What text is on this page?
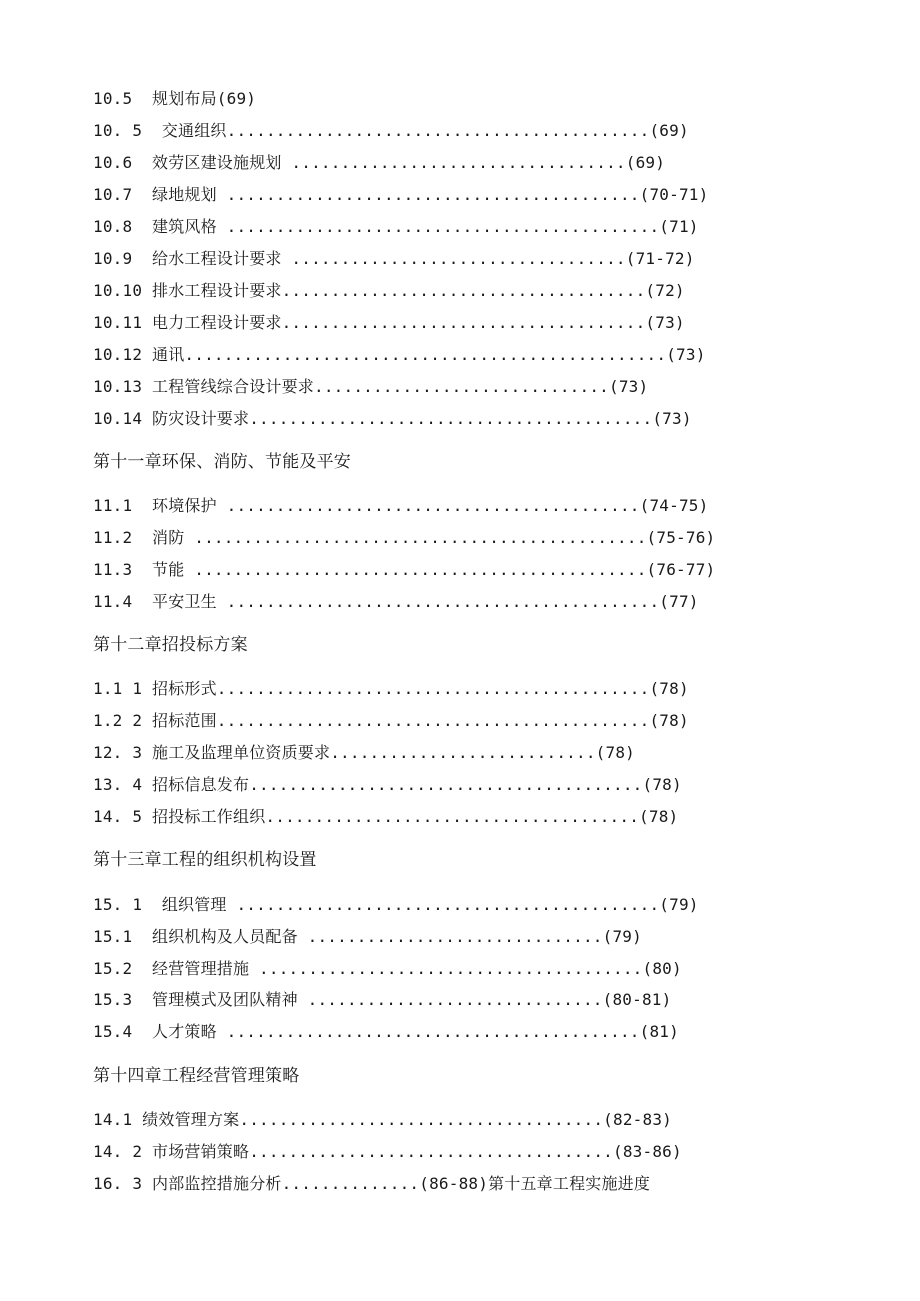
10.5  规划布局(69)
10. 5  交通组织...........................................(69)
10.6  效劳区建设施规划 ..................................(69)
10.7  绿地规划 ..........................................(70-71)
10.8  建筑风格 ............................................(71)
10.9  给水工程设计要求 ..................................(71-72)
10.10 排水工程设计要求.....................................(72)
10.11 电力工程设计要求.....................................(73)
10.12 通讯.................................................(73)
10.13 工程管线综合设计要求..............................(73)
10.14 防灾设计要求.........................................(73)
第十一章环保、消防、节能及平安
11.1  环境保护 ..........................................(74-75)
11.2  消防 ..............................................(75-76)
11.3  节能 ..............................................(76-77)
11.4  平安卫生 ............................................(77)
第十二章招投标方案
1.1 1 招标形式............................................(78)
1.2 2 招标范围............................................(78)
12. 3 施工及监理单位资质要求...........................(78)
13. 4 招标信息发布........................................(78)
14. 5 招投标工作组织......................................(78)
第十三章工程的组织机构设置
15. 1  组织管理 ...........................................(79)
15.1  组织机构及人员配备 ..............................(79)
15.2  经营管理措施 .......................................(80)
15.3  管理模式及团队精神 ..............................(80-81)
15.4  人才策略 ..........................................(81)
第十四章工程经营管理策略
14.1 绩效管理方案.....................................(82-83)
14. 2 市场营销策略.....................................(83-86)
16. 3 内部监控措施分析..............(86-88)第十五章工程实施进度
